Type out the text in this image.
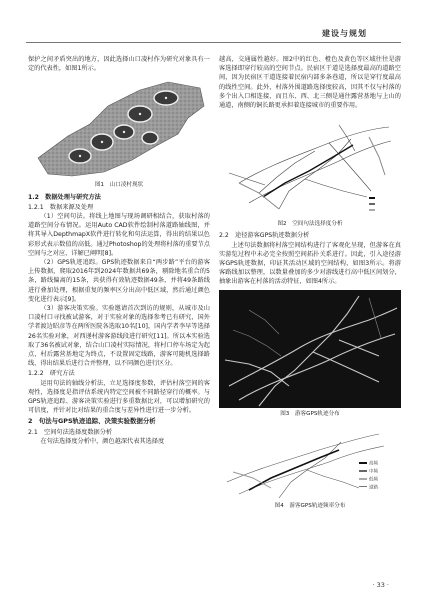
建设与规划

保护之间矛盾突出的地方，因此选择山口凌村作为研究对象具有一定的代表性，如图1所示。

图1　山口凌村现状
1.2　数据处理与研究方法
1.2.1　数据来源及处理

（1）空间句法。将线上地图与现场调研相结合，获取村落的道路空间分布情况。运用Auto CAD软件绘制村落道路轴线图，并将其导入DepthmapX软件进行转化和句法运算，得出的结果以色彩形式表示数值的高低。通过Photoshop的处理将村落的重要节点空间与之对应，详解已阐明[8]。

（2）GPS轨迹追踪。GPS轨迹数据来自“两步路”平台的游客上传数据，爬取2016年到2024年数据共69条，剔除地名重合的5条，路线偏离的15条，共获得有效轨迹数据49条，并将49条路线进行叠加处理，根据重复的频率区分出高中低区域，然后通过颜色变化进行表示[9]。

（3）游客决策实验。实验邀请首次到访的规则，从城市及山口凌村口寻找被试游客，对于实验对象的选择参考已有研究，国外学者渡边昭彦等在两所医院各选取10名[10]，国内学者李早等选择26名实验对象，对西递村游客游线段进行研究[11]。所以本实验选取了36名被试对象，结合山口凌村实际情况，将村口停车场定为起点，村后露营基地定为终点，不设置固定线路，游客可随机选择路线，得出结果后进行合并整理，以不同颜色进行区分。

1.2.2　研究方法

运用句法的轴线分析法，立足选择度参数，评估村落空间的客观性，选择度是指评估系统内特定空间被不同路径穿行的概率。与GPS轨迹追踪、游客决策实验进行多重数据比对，可以增加研究的可信度，并针对比对结果的重合度与差异性进行进一步分析。

2　句法与GPS轨迹追踪、决策实验数据分析
2.1　空间句法选择度数据分析

在句法选择度分析中，颜色越深代表其选择度

越高，交通属性越好。图2中的红色、橙色及黄色等区域往往是游客选择即穿行较高的空间节点。民宿区干道是选择度最高的道路空间，因为民宿区干道连接着民宿内部多条巷道，所以是穿行度最高的线性空间。此外，村落外围道路选择度较高，因其不仅与村落的多个出入口相连接，而且东、西、北三侧是通往露营基地与上山的通道，南侧的铜长路更承担着连接城市的重要作用。

图2　空间句法选择度分析
2.2　途径游客GPS轨迹数据分析

上述句法数据将村落空间结构进行了客观化呈现，但游客在真实游览过程中未必完全按照空间拓扑关系进行。因此，引入途径游客GPS轨迹数据，印证其活动区域的空间结构，如图3所示。将游客路线加以整理，以数量叠加的多少对游线进行高中低区间划分，抽象出游客在村落的活动特征，如图4所示。

图3　游客GPS轨迹分布
高频
中频
低频
道路
图4　游客GPS轨迹频率分布
· 33 ·
